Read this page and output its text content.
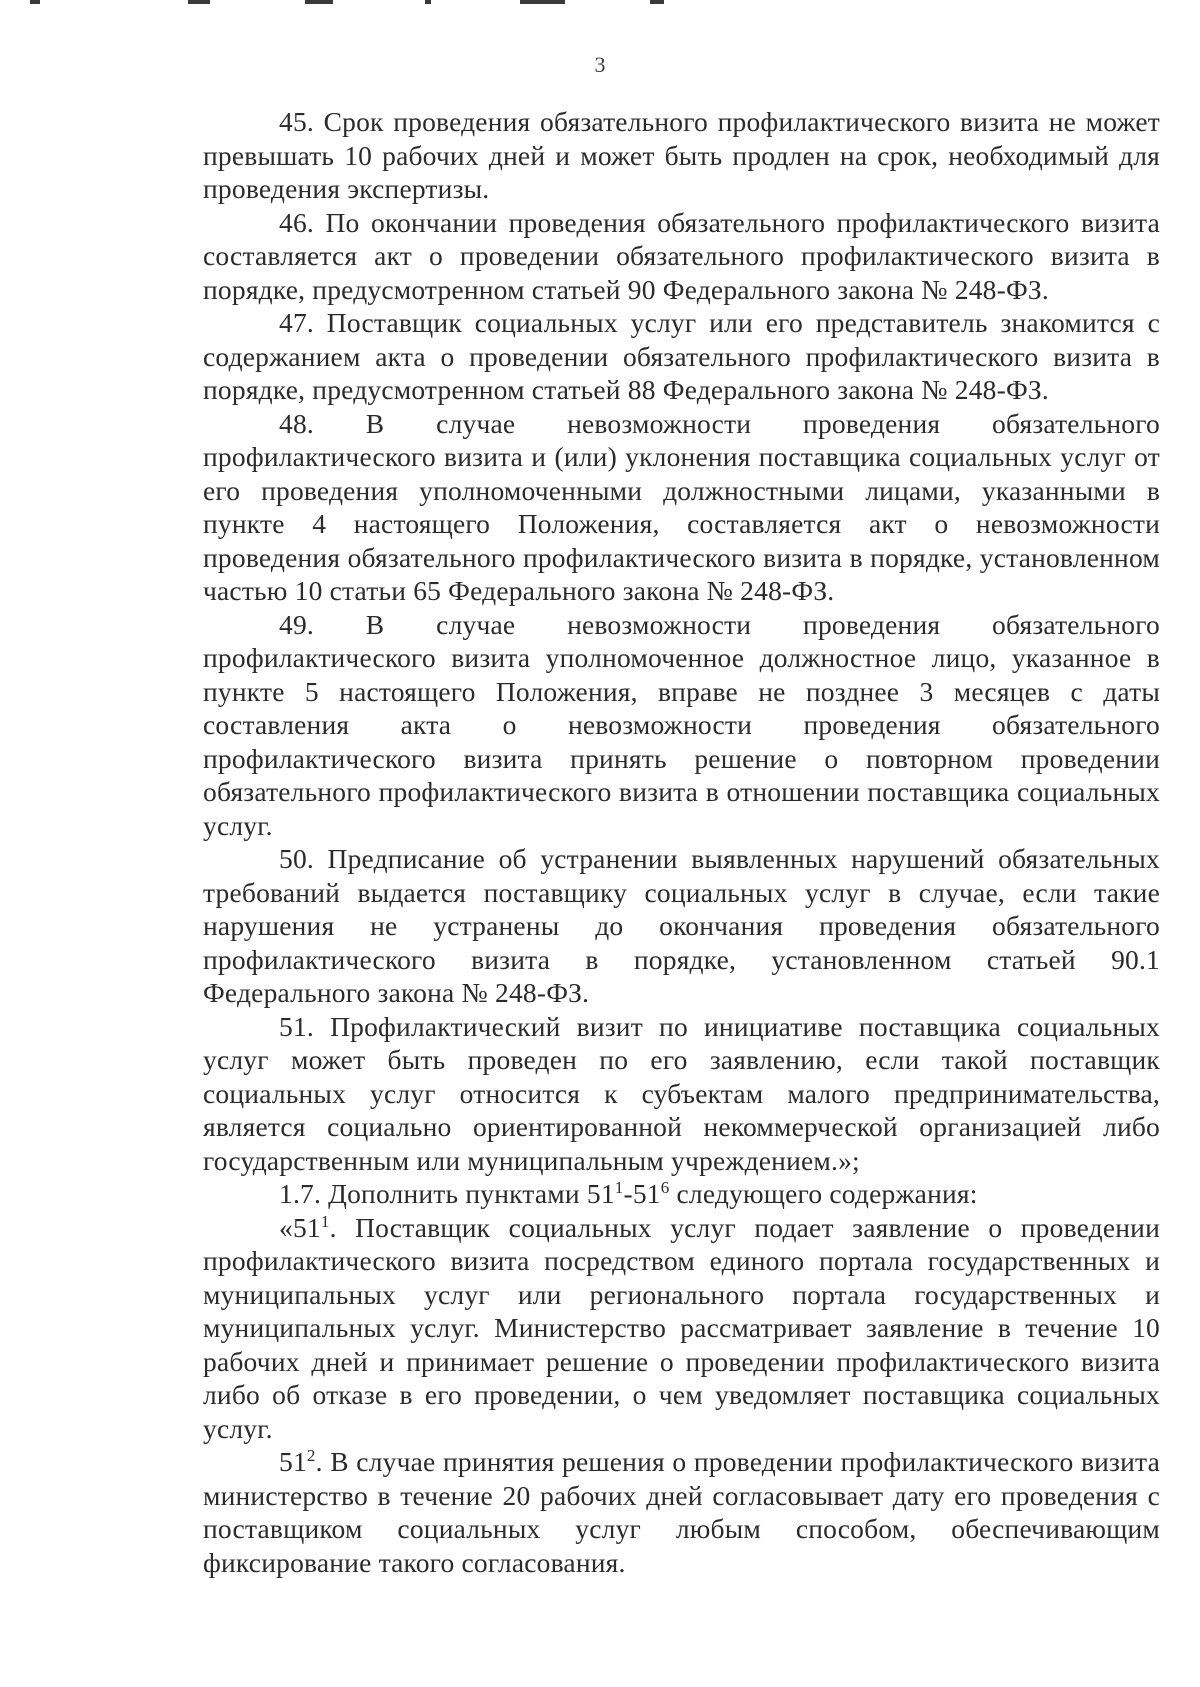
3

45. Срок проведения обязательного профилактического визита не может превышать 10 рабочих дней и может быть продлен на срок, необходимый для проведения экспертизы.

46. По окончании проведения обязательного профилактического визита составляется акт о проведении обязательного профилактического визита в порядке, предусмотренном статьей 90 Федерального закона № 248-ФЗ.

47. Поставщик социальных услуг или его представитель знакомится с содержанием акта о проведении обязательного профилактического визита в порядке, предусмотренном статьей 88 Федерального закона № 248-ФЗ.

48. В случае невозможности проведения обязательного профилактического визита и (или) уклонения поставщика социальных услуг от его проведения уполномоченными должностными лицами, указанными в пункте 4 настоящего Положения, составляется акт о невозможности проведения обязательного профилактического визита в порядке, установленном частью 10 статьи 65 Федерального закона № 248-ФЗ.

49. В случае невозможности проведения обязательного профилактического визита уполномоченное должностное лицо, указанное в пункте 5 настоящего Положения, вправе не позднее 3 месяцев с даты составления акта о невозможности проведения обязательного профилактического визита принять решение о повторном проведении обязательного профилактического визита в отношении поставщика социальных услуг.

50. Предписание об устранении выявленных нарушений обязательных требований выдается поставщику социальных услуг в случае, если такие нарушения не устранены до окончания проведения обязательного профилактического визита в порядке, установленном статьей 90.1 Федерального закона № 248-ФЗ.

51. Профилактический визит по инициативе поставщика социальных услуг может быть проведен по его заявлению, если такой поставщик социальных услуг относится к субъектам малого предпринимательства, является социально ориентированной некоммерческой организацией либо государственным или муниципальным учреждением.»;

1.7. Дополнить пунктами $51^1-51^6$ следующего содержания:

«$51^1$. Поставщик социальных услуг подает заявление о проведении профилактического визита посредством единого портала государственных и муниципальных услуг или регионального портала государственных и муниципальных услуг. Министерство рассматривает заявление в течение 10 рабочих дней и принимает решение о проведении профилактического визита либо об отказе в его проведении, о чем уведомляет поставщика социальных услуг.

$51^2$. В случае принятия решения о проведении профилактического визита министерство в течение 20 рабочих дней согласовывает дату его проведения с поставщиком социальных услуг любым способом, обеспечивающим фиксирование такого согласования.
